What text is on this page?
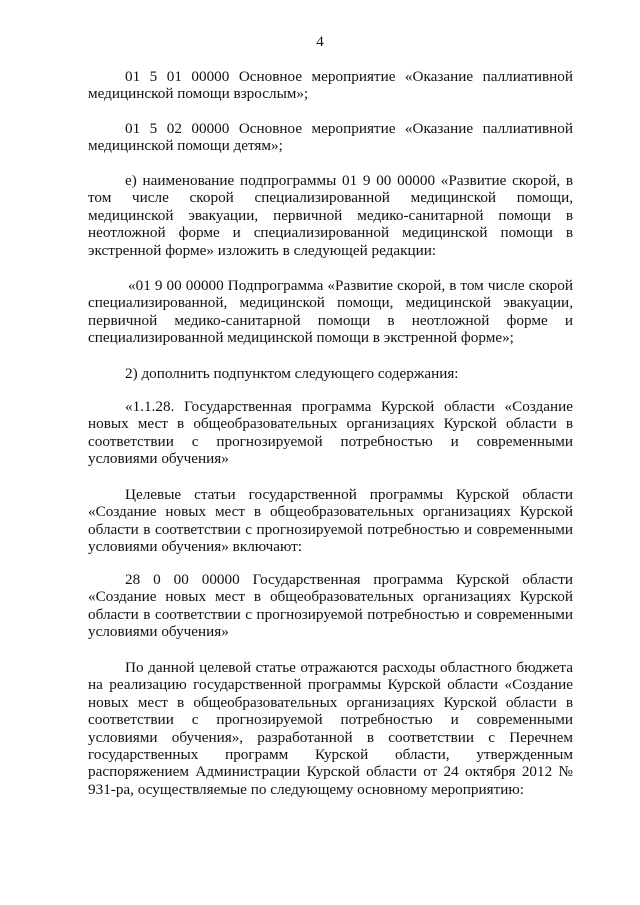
4

01 5 01 00000 Основное мероприятие «Оказание паллиативной медицинской помощи взрослым»;

01 5 02 00000 Основное мероприятие «Оказание паллиативной медицинской помощи детям»;

е) наименование подпрограммы 01 9 00 00000 «Развитие скорой, в том числе скорой специализированной медицинской помощи, медицинской эвакуации, первичной медико-санитарной помощи в неотложной форме и специализированной медицинской помощи в экстренной форме» изложить в следующей редакции:

«01 9 00 00000 Подпрограмма «Развитие скорой, в том числе скорой специализированной, медицинской помощи, медицинской эвакуации, первичной медико-санитарной помощи в неотложной форме и специализированной медицинской помощи в экстренной форме»;

2) дополнить подпунктом следующего содержания:

«1.1.28. Государственная программа Курской области «Создание новых мест в общеобразовательных организациях Курской области в соответствии с прогнозируемой потребностью и современными условиями обучения»

Целевые статьи государственной программы Курской области «Создание новых мест в общеобразовательных организациях Курской области в соответствии с прогнозируемой потребностью и современными условиями обучения» включают:

28 0 00 00000 Государственная программа Курской области «Создание новых мест в общеобразовательных организациях Курской области в соответствии с прогнозируемой потребностью и современными условиями обучения»

По данной целевой статье отражаются расходы областного бюджета на реализацию государственной программы Курской области «Создание новых мест в общеобразовательных организациях Курской области в соответствии с прогнозируемой потребностью и современными условиями обучения», разработанной в соответствии с Перечнем государственных программ Курской области, утвержденным распоряжением Администрации Курской области от 24 октября 2012 № 931-ра, осуществляемые по следующему основному мероприятию:
